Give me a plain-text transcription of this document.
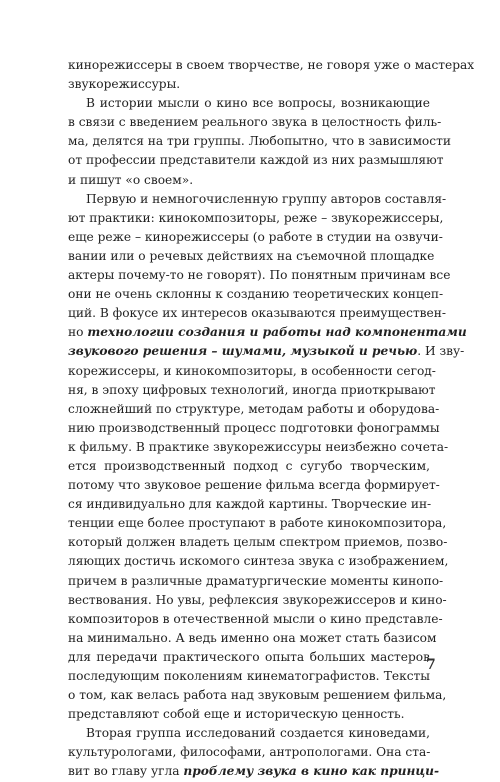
кинорежиссеры в своем творчестве, не говоря уже о мастерах
звукорежиссуры.
В истории мысли о кино все вопросы, возникающие
в связи с введением реального звука в целостность филь-
ма, делятся на три группы. Любопытно, что в зависимости
от профессии представители каждой из них размышляют
и пишут «о своем».
Первую и немногочисленную группу авторов составля-
ют практики: кинокомпозиторы, реже – звукорежиссеры,
еще реже – кинорежиссеры (о работе в студии на озвучи-
вании или о речевых действиях на съемочной площадке
актеры почему-то не говорят). По понятным причинам все
они не очень склонны к созданию теоретических концеп-
ций. В фокусе их интересов оказываются преимуществен-
но технологии создания и работы над компонентами
звукового решения – шумами, музыкой и речью. И зву-
корежиссеры, и кинокомпозиторы, в особенности сегод-
ня, в эпоху цифровых технологий, иногда приоткрывают
сложнейший по структуре, методам работы и оборудова-
нию производственный процесс подготовки фонограммы
к фильму. В практике звукорежиссуры неизбежно сочета-
ется производственный подход с сугубо творческим,
потому что звуковое решение фильма всегда формирует-
ся индивидуально для каждой картины. Творческие ин-
тенции еще более проступают в работе кинокомпозитора,
который должен владеть целым спектром приемов, позво-
ляющих достичь искомого синтеза звука с изображением,
причем в различные драматургические моменты кинопо-
вествования. Но увы, рефлексия звукорежиссеров и кино-
композиторов в отечественной мысли о кино представле-
на минимально. А ведь именно она может стать базисом
для передачи практического опыта больших мастеров
последующим поколениям кинематографистов. Тексты
о том, как велась работа над звуковым решением фильма,
представляют собой еще и историческую ценность.
Вторая группа исследований создается киноведами,
культурологами, философами, антропологами. Она ста-
вит во главу угла проблему звука в кино как принци-
7
